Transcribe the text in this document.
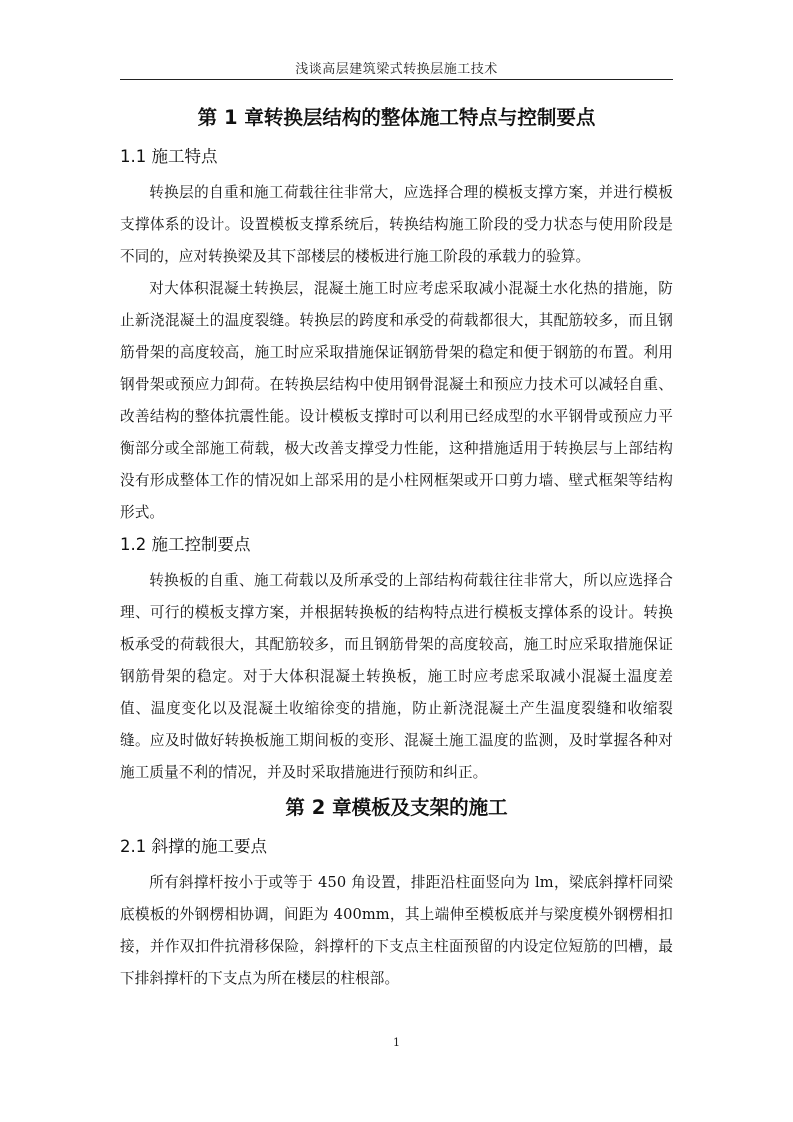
浅谈高层建筑梁式转换层施工技术
第 1 章转换层结构的整体施工特点与控制要点
1.1 施工特点

转换层的自重和施工荷载往往非常大，应选择合理的模板支撑方案，并进行模板支撑体系的设计。设置模板支撑系统后，转换结构施工阶段的受力状态与使用阶段是不同的，应对转换梁及其下部楼层的楼板进行施工阶段的承载力的验算。

对大体积混凝土转换层，混凝土施工时应考虑采取减小混凝土水化热的措施，防止新浇混凝土的温度裂缝。转换层的跨度和承受的荷载都很大，其配筋较多，而且钢筋骨架的高度较高，施工时应采取措施保证钢筋骨架的稳定和便于钢筋的布置。利用钢骨架或预应力卸荷。在转换层结构中使用钢骨混凝土和预应力技术可以减轻自重、改善结构的整体抗震性能。设计模板支撑时可以利用已经成型的水平钢骨或预应力平衡部分或全部施工荷载，极大改善支撑受力性能，这种措施适用于转换层与上部结构没有形成整体工作的情况如上部采用的是小柱网框架或开口剪力墙、壁式框架等结构形式。

1.2 施工控制要点

转换板的自重、施工荷载以及所承受的上部结构荷载往往非常大，所以应选择合理、可行的模板支撑方案，并根据转换板的结构特点进行模板支撑体系的设计。转换板承受的荷载很大，其配筋较多，而且钢筋骨架的高度较高，施工时应采取措施保证钢筋骨架的稳定。对于大体积混凝土转换板，施工时应考虑采取减小混凝土温度差值、温度变化以及混凝土收缩徐变的措施，防止新浇混凝土产生温度裂缝和收缩裂缝。应及时做好转换板施工期间板的变形、混凝土施工温度的监测，及时掌握各种对施工质量不利的情况，并及时采取措施进行预防和纠正。

第 2 章模板及支架的施工
2.1 斜撑的施工要点

所有斜撑杆按小于或等于 450 角设置，排距沿柱面竖向为 lm，梁底斜撑杆同梁底模板的外钢楞相协调，间距为 400mm，其上端伸至模板底并与梁度模外钢楞相扣接，并作双扣件抗滑移保险，斜撑杆的下支点主柱面预留的内设定位短筋的凹槽，最下排斜撑杆的下支点为所在楼层的柱根部。

1
